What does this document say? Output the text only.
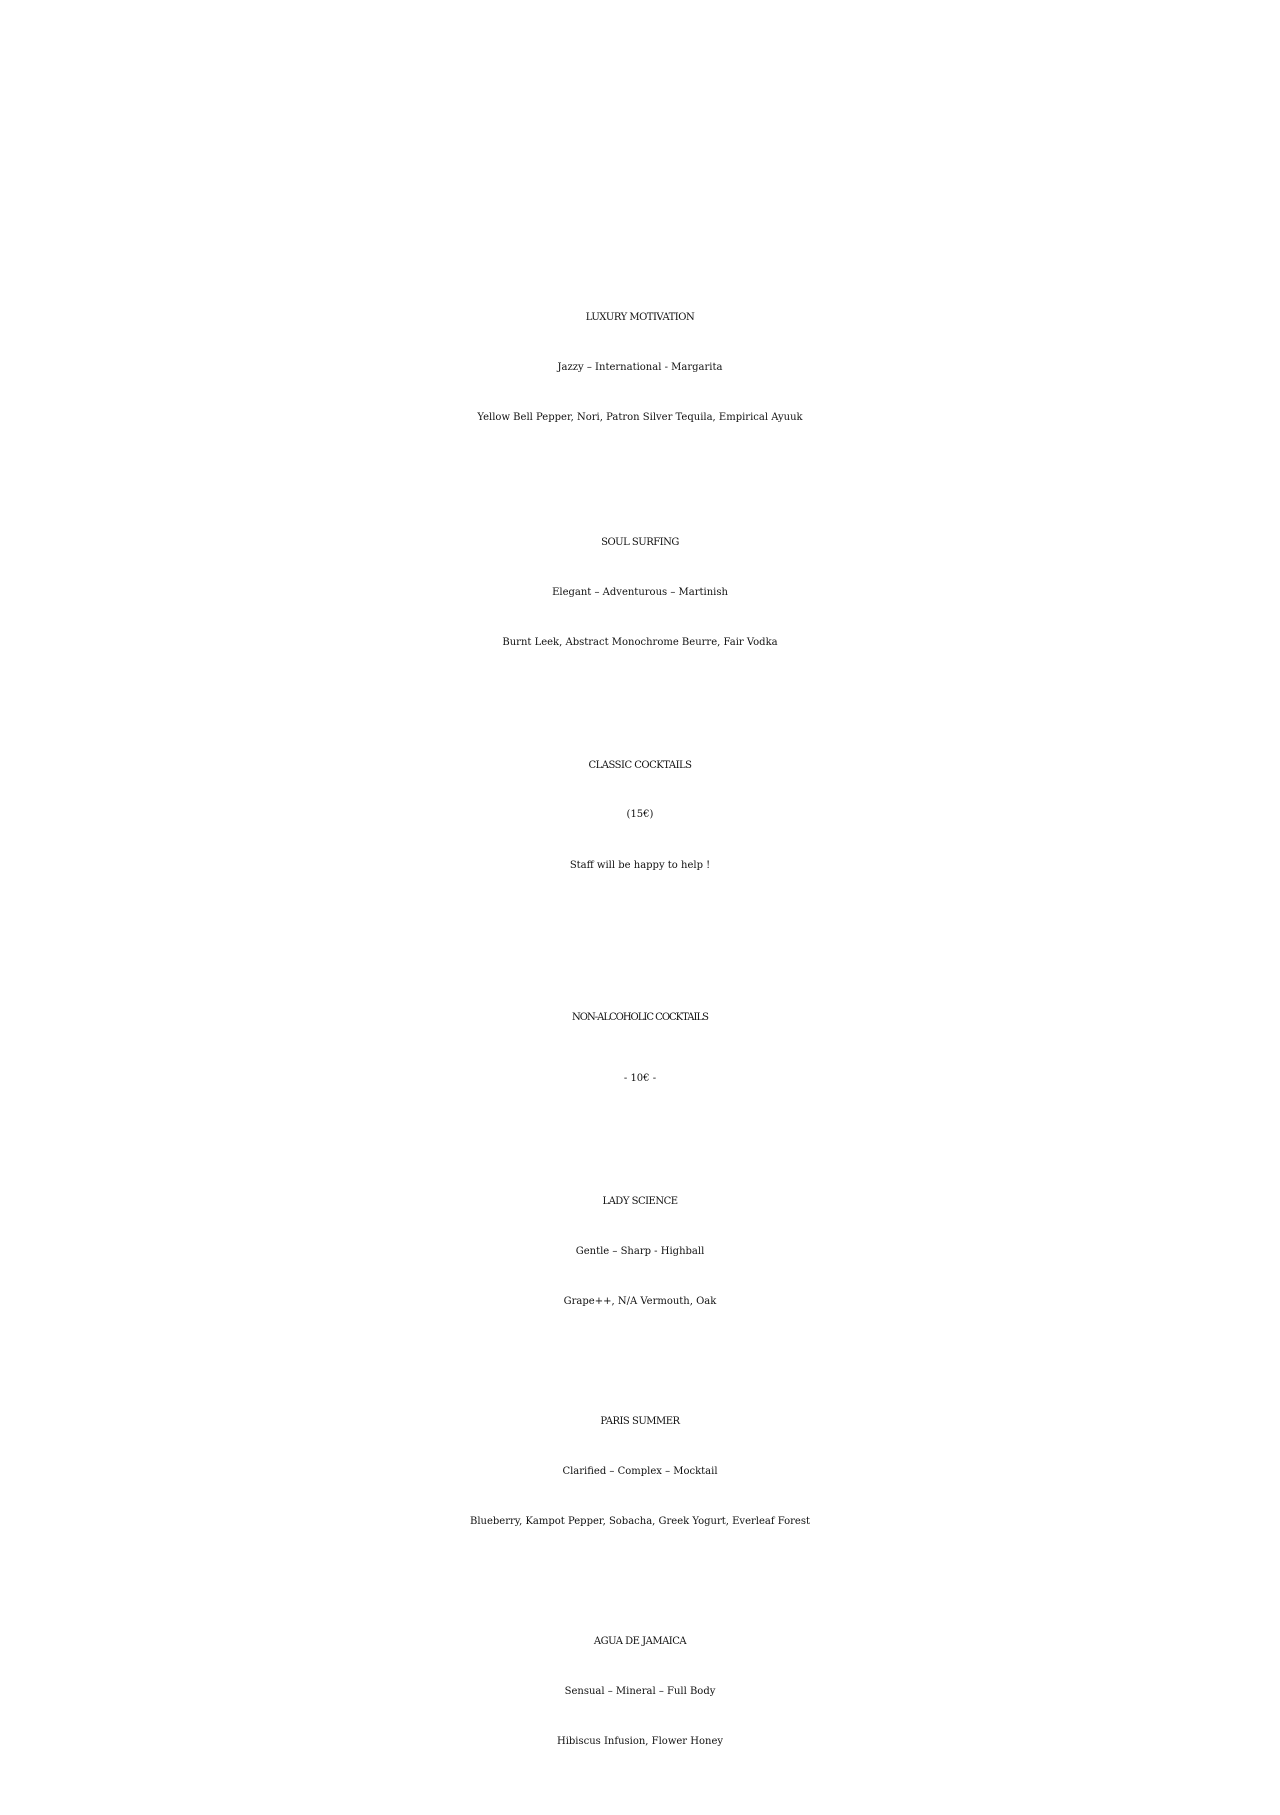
LUXURY MOTIVATION
Jazzy – International - Margarita
Yellow Bell Pepper, Nori, Patron Silver Tequila, Empirical Ayuuk
SOUL SURFING
Elegant – Adventurous – Martinish
Burnt Leek, Abstract Monochrome Beurre, Fair Vodka
CLASSIC COCKTAILS
(15€)
Staff will be happy to help !
NON-ALCOHOLIC COCKTAILS
- 10€ -
LADY SCIENCE
Gentle – Sharp - Highball
Grape++, N/A Vermouth, Oak
PARIS SUMMER
Clarified – Complex – Mocktail
Blueberry, Kampot Pepper, Sobacha, Greek Yogurt, Everleaf Forest
AGUA DE JAMAICA
Sensual – Mineral – Full Body
Hibiscus Infusion, Flower Honey
